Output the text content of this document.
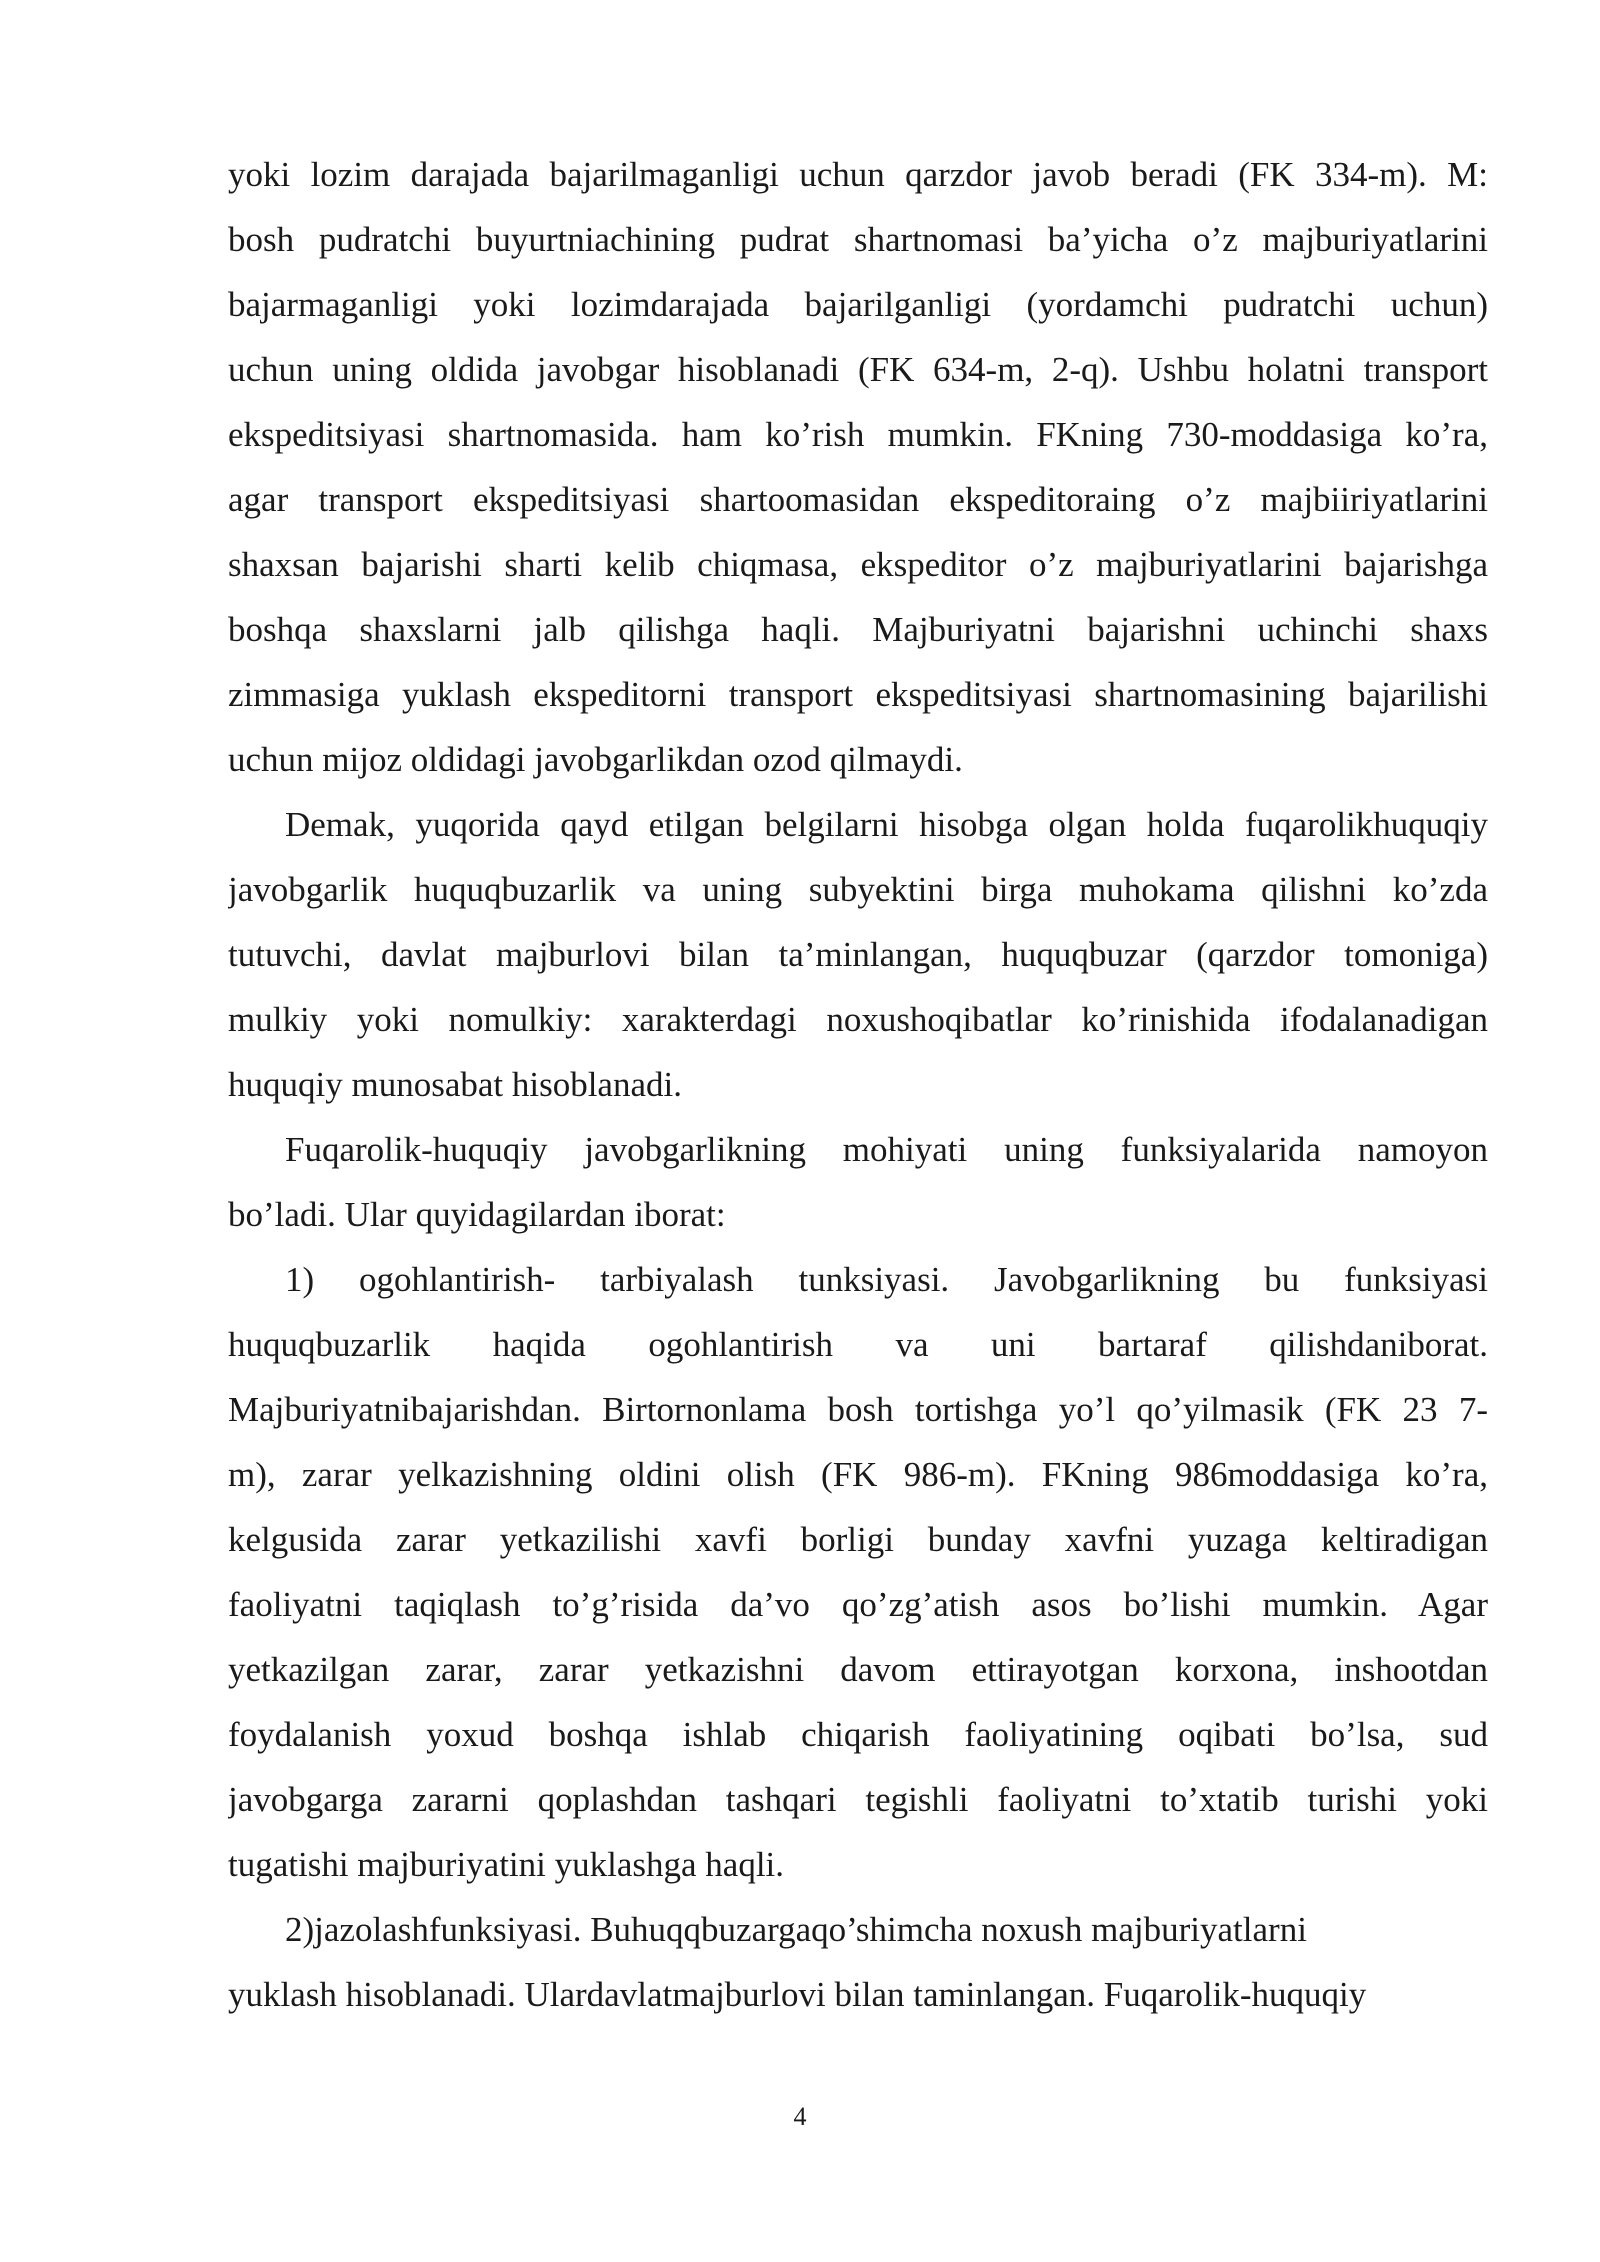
yoki lozim darajada bajarilmaganligi uchun qarzdor javob beradi (FK 334-m). M:
bosh pudratchi buyurtniachining pudrat shartnomasi ba’yicha o’z majburiyatlarini
bajarmaganligi yoki lozimdarajada bajarilganligi (yordamchi pudratchi uchun)
uchun uning oldida javobgar hisoblanadi (FK 634-m, 2-q). Ushbu holatni transport
ekspeditsiyasi shartnomasida. ham ko’rish mumkin. FKning 730-moddasiga ko’ra,
agar transport ekspeditsiyasi shartoomasidan ekspeditoraing o’z majbiiriyatlarini
shaxsan bajarishi sharti kelib chiqmasa, ekspeditor o’z majburiyatlarini bajarishga
boshqa shaxslarni jalb qilishga haqli. Majburiyatni bajarishni uchinchi shaxs
zimmasiga yuklash ekspeditorni transport ekspeditsiyasi shartnomasining bajarilishi
uchun mijoz oldidagi javobgarlikdan ozod qilmaydi.
Demak, yuqorida qayd etilgan belgilarni hisobga olgan holda fuqarolikhuquqiy
javobgarlik huquqbuzarlik va uning subyektini birga muhokama qilishni ko’zda
tutuvchi, davlat majburlovi bilan ta’minlangan, huquqbuzar (qarzdor tomoniga)
mulkiy yoki nomulkiy: xarakterdagi noxushoqibatlar ko’rinishida ifodalanadigan
huquqiy munosabat hisoblanadi.
Fuqarolik-huquqiy javobgarlikning mohiyati uning funksiyalarida namoyon
bo’ladi. Ular quyidagilardan iborat:
1) ogohlantirish- tarbiyalash tunksiyasi. Javobgarlikning bu funksiyasi
huquqbuzarlik haqida ogohlantirish va uni bartaraf qilishdaniborat.
Majburiyatnibajarishdan. Birtornonlama bosh tortishga yo’l qo’yilmasik (FK 23 7-
m), zarar yelkazishning oldini olish (FK 986-m). FKning 986moddasiga ko’ra,
kelgusida zarar yetkazilishi xavfi borligi bunday xavfni yuzaga keltiradigan
faoliyatni taqiqlash to’g’risida da’vo qo’zg’atish asos bo’lishi mumkin. Agar
yetkazilgan zarar, zarar yetkazishni davom ettirayotgan korxona, inshootdan
foydalanish yoxud boshqa ishlab chiqarish faoliyatining oqibati bo’lsa, sud
javobgarga zararni qoplashdan tashqari tegishli faoliyatni to’xtatib turishi yoki
tugatishi majburiyatini yuklashga haqli.
2)jazolashfunksiyasi. Buhuqqbuzargaqo’shimcha noxush majburiyatlarni
yuklash hisoblanadi. Ulardavlatmajburlovi bilan taminlangan. Fuqarolik-huquqiy
4
